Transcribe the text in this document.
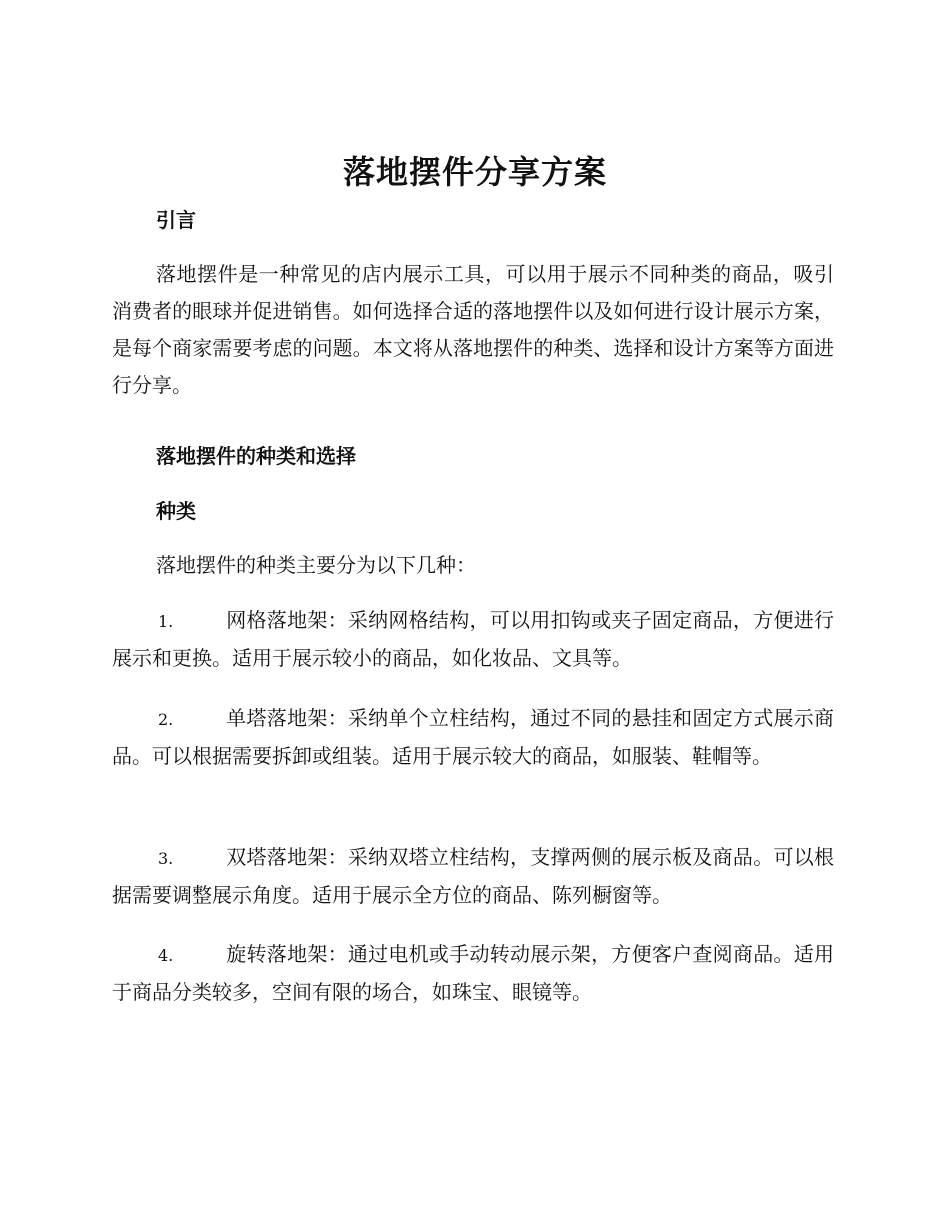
落地摆件分享方案
引言

落地摆件是一种常见的店内展示工具，可以用于展示不同种类的商品，吸引消费者的眼球并促进销售。如何选择合适的落地摆件以及如何进行设计展示方案，是每个商家需要考虑的问题。本文将从落地摆件的种类、选择和设计方案等方面进行分享。

落地摆件的种类和选择
种类

落地摆件的种类主要分为以下几种：

1.	网格落地架：采纳网格结构，可以用扣钩或夹子固定商品，方便进行展示和更换。适用于展示较小的商品，如化妆品、文具等。

2.	单塔落地架：采纳单个立柱结构，通过不同的悬挂和固定方式展示商品。可以根据需要拆卸或组装。适用于展示较大的商品，如服装、鞋帽等。

3.	双塔落地架：采纳双塔立柱结构，支撑两侧的展示板及商品。可以根据需要调整展示角度。适用于展示全方位的商品、陈列橱窗等。

4.	旋转落地架：通过电机或手动转动展示架，方便客户查阅商品。适用于商品分类较多，空间有限的场合，如珠宝、眼镜等。
